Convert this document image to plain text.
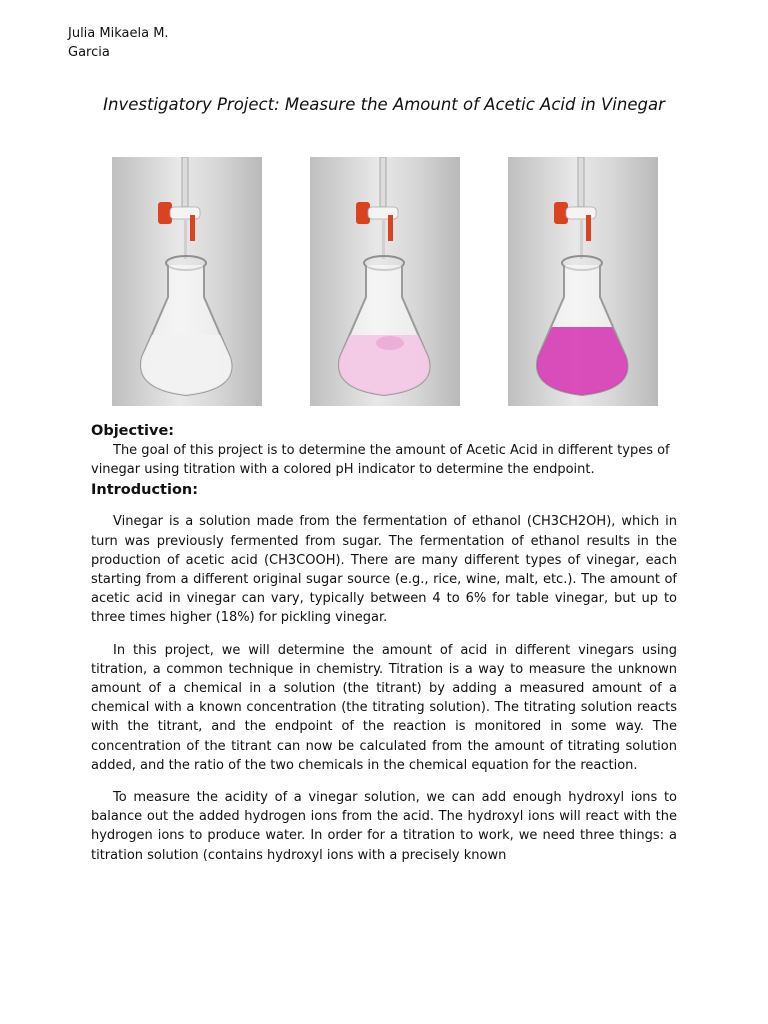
Julia Mikaela M.
Garcia
Investigatory Project: Measure the Amount of Acetic Acid in Vinegar
Objective:

The goal of this project is to determine the amount of Acetic Acid in different types of vinegar using titration with a colored pH indicator to determine the endpoint.

Introduction:

Vinegar is a solution made from the fermentation of ethanol (CH3CH2OH), which in turn was previously fermented from sugar. The fermentation of ethanol results in the production of acetic acid (CH3COOH). There are many different types of vinegar, each starting from a different original sugar source (e.g., rice, wine, malt, etc.). The amount of acetic acid in vinegar can vary, typically between 4 to 6% for table vinegar, but up to three times higher (18%) for pickling vinegar.

In this project, we will determine the amount of acid in different vinegars using titration, a common technique in chemistry. Titration is a way to measure the unknown amount of a chemical in a solution (the titrant) by adding a measured amount of a chemical with a known concentration (the titrating solution). The titrating solution reacts with the titrant, and the endpoint of the reaction is monitored in some way. The concentration of the titrant can now be calculated from the amount of titrating solution added, and the ratio of the two chemicals in the chemical equation for the reaction.

To measure the acidity of a vinegar solution, we can add enough hydroxyl ions to balance out the added hydrogen ions from the acid. The hydroxyl ions will react with the hydrogen ions to produce water. In order for a titration to work, we need three things: a titration solution (contains hydroxyl ions with a precisely known
